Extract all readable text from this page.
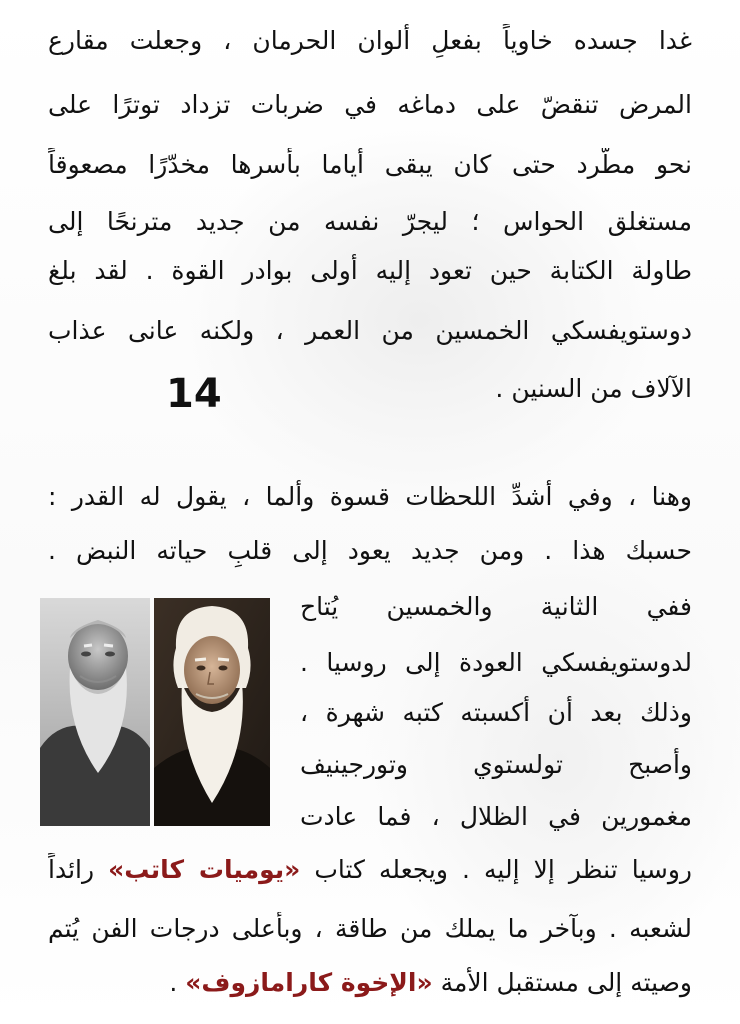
غدا جسده خاوياً بفعلِ ألوان الحرمان ، وجعلت مقارع

المرض تنقضّ على دماغه في ضربات تزداد توترًا على

نحو مطّرد حتى كان يبقى أياما بأسرها مخدّرًا مصعوقاً

مستغلق الحواس ؛ ليجرّ نفسه من جديد مترنحًا إلى

طاولة الكتابة حين تعود إليه أولى بوادر القوة . لقد بلغ

دوستويفسكي الخمسين من العمر ، ولكنه عانى عذاب

الآلاف من السنين .

14

وهنا ، وفي أشدِّ اللحظات قسوة وألما ، يقول له القدر :

حسبك هذا . ومن جديد يعود إلى قلبِ حياته النبض .

ففي الثانية والخمسين يُتاح

لدوستويفسكي العودة إلى روسيا .

وذلك بعد أن أكسبته كتبه شهرة ،

وأصبح تولستوي وتورجينيف

مغمورين في الظلال ، فما عادت

روسيا تنظر إلا إليه . ويجعله كتاب «يوميات كاتب» رائداً

لشعبه . وبآخر ما يملك من طاقة ، وبأعلى درجات الفن يُتم

وصيته إلى مستقبل الأمة «الإخوة كارامازوف» .
